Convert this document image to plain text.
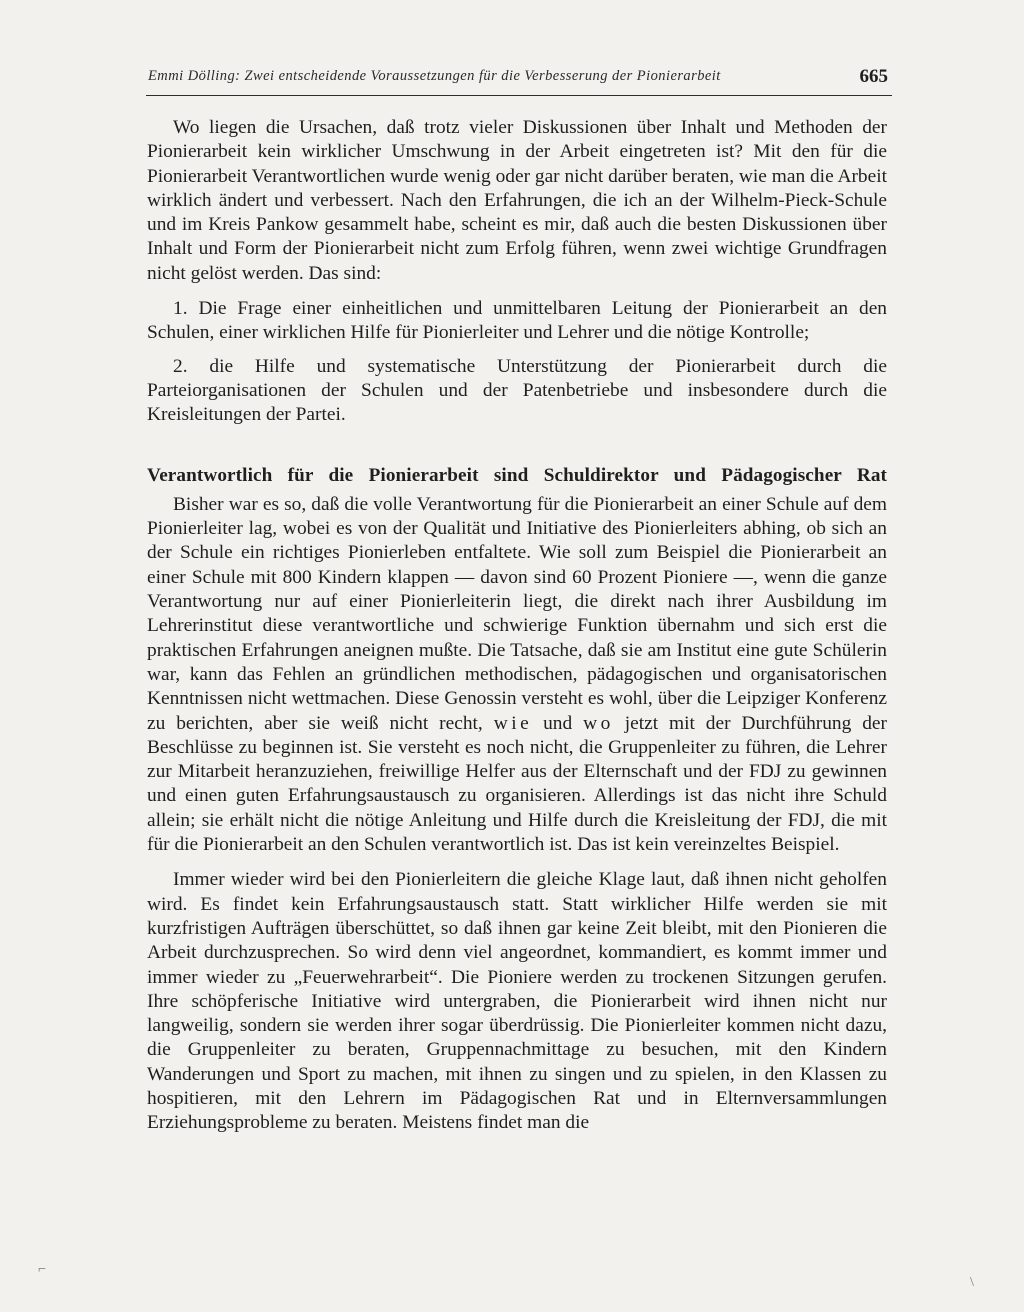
Emmi Dölling: Zwei entscheidende Voraussetzungen für die Verbesserung der Pionierarbeit	665

Wo liegen die Ursachen, daß trotz vieler Diskussionen über Inhalt und Methoden der Pionierarbeit kein wirklicher Umschwung in der Arbeit eingetreten ist? Mit den für die Pionierarbeit Verantwortlichen wurde wenig oder gar nicht darüber beraten, wie man die Arbeit wirklich ändert und verbessert. Nach den Erfahrungen, die ich an der Wilhelm-Pieck-Schule und im Kreis Pankow gesammelt habe, scheint es mir, daß auch die besten Diskussionen über Inhalt und Form der Pionierarbeit nicht zum Erfolg führen, wenn zwei wichtige Grundfragen nicht gelöst werden. Das sind:

1. Die Frage einer einheitlichen und unmittelbaren Leitung der Pionierarbeit an den Schulen, einer wirklichen Hilfe für Pionierleiter und Lehrer und die nötige Kontrolle;

2. die Hilfe und systematische Unterstützung der Pionierarbeit durch die Parteiorganisationen der Schulen und der Patenbetriebe und insbesondere durch die Kreisleitungen der Partei.

Verantwortlich für die Pionierarbeit sind Schuldirektor und Pädagogischer Rat

Bisher war es so, daß die volle Verantwortung für die Pionierarbeit an einer Schule auf dem Pionierleiter lag, wobei es von der Qualität und Initiative des Pionierleiters abhing, ob sich an der Schule ein richtiges Pionierleben entfaltete. Wie soll zum Beispiel die Pionierarbeit an einer Schule mit 800 Kindern klappen — davon sind 60 Prozent Pioniere —, wenn die ganze Verantwortung nur auf einer Pionierleiterin liegt, die direkt nach ihrer Ausbildung im Lehrerinstitut diese verantwortliche und schwierige Funktion übernahm und sich erst die praktischen Erfahrungen aneignen mußte. Die Tatsache, daß sie am Institut eine gute Schülerin war, kann das Fehlen an gründlichen methodischen, pädagogischen und organisatorischen Kenntnissen nicht wettmachen. Diese Genossin versteht es wohl, über die Leipziger Konferenz zu berichten, aber sie weiß nicht recht, wie und wo jetzt mit der Durchführung der Beschlüsse zu beginnen ist. Sie versteht es noch nicht, die Gruppenleiter zu führen, die Lehrer zur Mitarbeit heranzuziehen, freiwillige Helfer aus der Elternschaft und der FDJ zu gewinnen und einen guten Erfahrungsaustausch zu organisieren. Allerdings ist das nicht ihre Schuld allein; sie erhält nicht die nötige Anleitung und Hilfe durch die Kreisleitung der FDJ, die mit für die Pionierarbeit an den Schulen verantwortlich ist. Das ist kein vereinzeltes Beispiel.

Immer wieder wird bei den Pionierleitern die gleiche Klage laut, daß ihnen nicht geholfen wird. Es findet kein Erfahrungsaustausch statt. Statt wirklicher Hilfe werden sie mit kurzfristigen Aufträgen überschüttet, so daß ihnen gar keine Zeit bleibt, mit den Pionieren die Arbeit durchzusprechen. So wird denn viel angeordnet, kommandiert, es kommt immer und immer wieder zu „Feuerwehrarbeit“. Die Pioniere werden zu trockenen Sitzungen gerufen. Ihre schöpferische Initiative wird untergraben, die Pionierarbeit wird ihnen nicht nur langweilig, sondern sie werden ihrer sogar überdrüssig. Die Pionierleiter kommen nicht dazu, die Gruppenleiter zu beraten, Gruppennachmittage zu besuchen, mit den Kindern Wanderungen und Sport zu machen, mit ihnen zu singen und zu spielen, in den Klassen zu hospitieren, mit den Lehrern im Pädagogischen Rat und in Elternversammlungen Erziehungsprobleme zu beraten. Meistens findet man die

⌐
\
